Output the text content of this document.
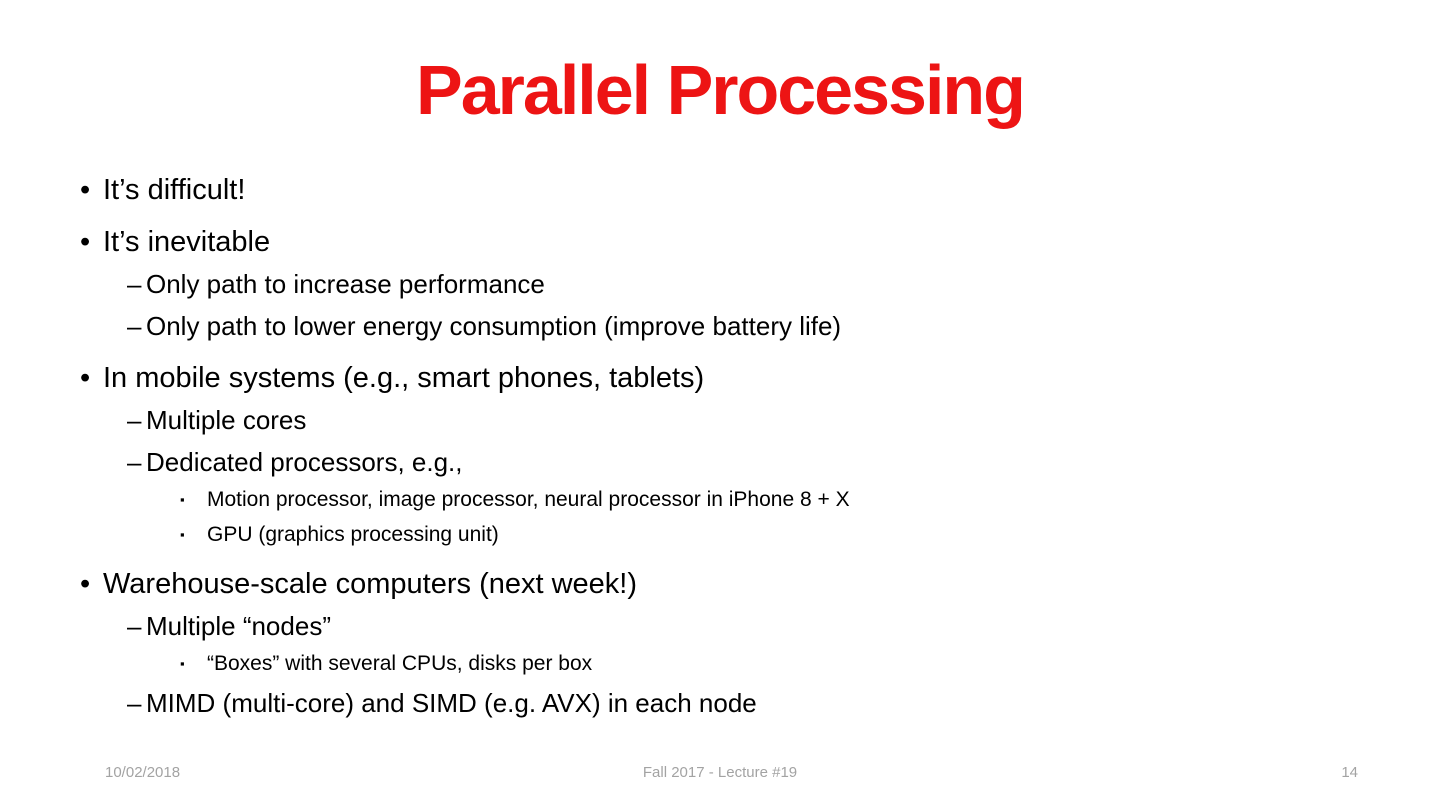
Parallel Processing
• It’s difficult!
• It’s inevitable
– Only path to increase performance
– Only path to lower energy consumption (improve battery life)
• In mobile systems (e.g., smart phones, tablets)
– Multiple cores
– Dedicated processors, e.g.,
▪	Motion processor, image processor, neural processor in iPhone 8 + X
▪	GPU (graphics processing unit)
• Warehouse-scale computers (next week!)
– Multiple “nodes”
▪	“Boxes” with several CPUs, disks per box
– MIMD (multi-core) and SIMD (e.g. AVX) in each node
10/02/2018	Fall 2017 - Lecture #19	14
